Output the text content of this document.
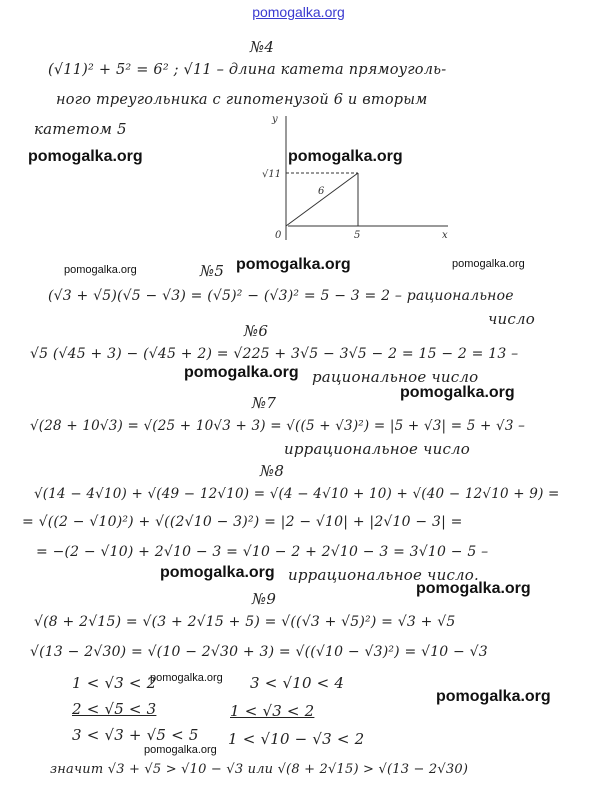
pomogalka.org
№4
(√11)² + 5² = 6² ; √11 – длина катета прямоуголь-
ного треугольника с гипотенузой 6 и вторым
катетом 5
pomogalka.org	pomogalka.org
y
x
0	5
√11
6
pomogalka.org	№5 pomogalka.org	pomogalka.org
(√3 + √5)(√5 − √3) = (√5)² − (√3)² = 5 − 3 = 2 – рациональное
число
№6
√5 (√45 + 3) − (√45 + 2) = √225 + 3√5 − 3√5 − 2 = 15 − 2 = 13 –
pomogalka.org рациональное число
pomogalka.org
№7
√(28 + 10√3) = √(25 + 10√3 + 3) = √((5 + √3)²) = |5 + √3| = 5 + √3 –
иррациональное число
№8
√(14 − 4√10) + √(49 − 12√10) = √(4 − 4√10 + 10) + √(40 − 12√10 + 9) =
= √((2 − √10)²) + √((2√10 − 3)²) = |2 − √10| + |2√10 − 3| =
= −(2 − √10) + 2√10 − 3 = √10 − 2 + 2√10 − 3 = 3√10 − 5 –
pomogalka.org иррациональное число.
pomogalka.org
№9
√(8 + 2√15) = √(3 + 2√15 + 5) = √((√3 + √5)²) = √3 + √5
√(13 − 2√30) = √(10 − 2√30 + 3) = √((√10 − √3)²) = √10 − √3
1 < √3 < 2
pomogalka.org 3 < √10 < 4
pomogalka.org
2 < √5 < 3	1 < √3 < 2
3 < √3 + √5 < 5 1 < √10 − √3 < 2
pomogalka.org
значит √3 + √5 > √10 − √3 или √(8 + 2√15) > √(13 − 2√30)
